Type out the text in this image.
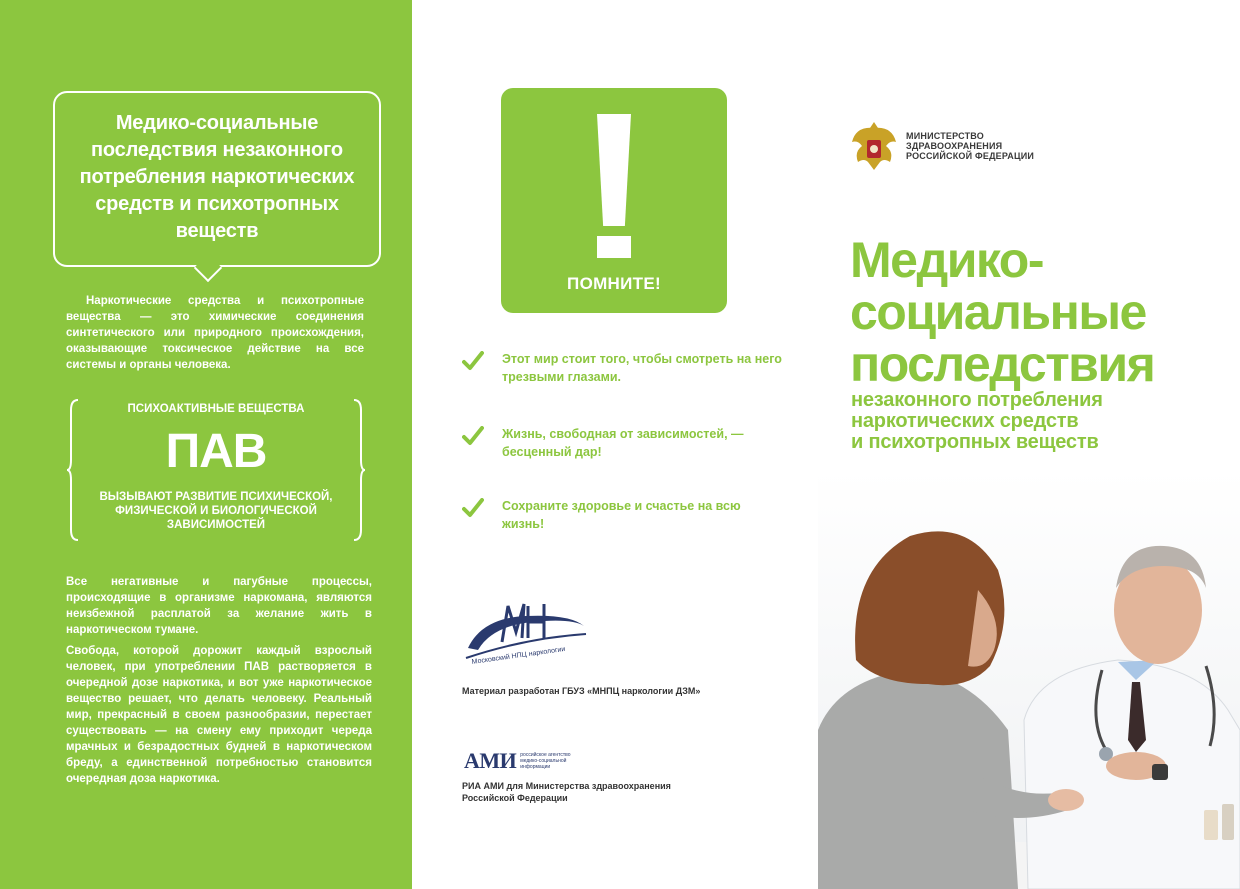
Медико-социальные последствия незаконного потребления наркотических средств и психотропных веществ

Наркотические средства и психотропные вещества — это химические соединения синтетического или природного происхождения, оказывающие токсическое действие на все системы и органы человека.

ПСИХОАКТИВНЫЕ ВЕЩЕСТВА
ПАВ
ВЫЗЫВАЮТ РАЗВИТИЕ ПСИХИЧЕСКОЙ, ФИЗИЧЕСКОЙ И БИОЛОГИЧЕСКОЙ ЗАВИСИМОСТЕЙ

Все негативные и пагубные процессы, происходящие в организме наркомана, являются неизбежной расплатой за желание жить в наркотическом тумане.

Свобода, которой дорожит каждый взрослый человек, при употреблении ПАВ растворяется в очередной дозе наркотика, и вот уже наркотическое вещество решает, что делать человеку. Реальный мир, прекрасный в своем разнообразии, перестает существовать — на смену ему приходит череда мрачных и безрадостных будней в наркотическом бреду, а единственной потребностью становится очередная доза наркотика.

ПОМНИТЕ!
Этот мир стоит того, чтобы смотреть на него трезвыми глазами.
Жизнь, свободная от зависимостей, — бесценный дар!
Сохраните здоровье и счастье на всю жизнь!
Московский НПЦ наркологии
Материал разработан ГБУЗ «МНПЦ наркологии ДЗМ»
АМИ российское агентство медико-социальной информации
РИА АМИ для Министерства здравоохранения
Российской Федерации
МИНИСТЕРСТВО
ЗДРАВООХРАНЕНИЯ
РОССИЙСКОЙ ФЕДЕРАЦИИ
Медико-
социальные
последствия
незаконного потребления
наркотических средств
и психотропных веществ
